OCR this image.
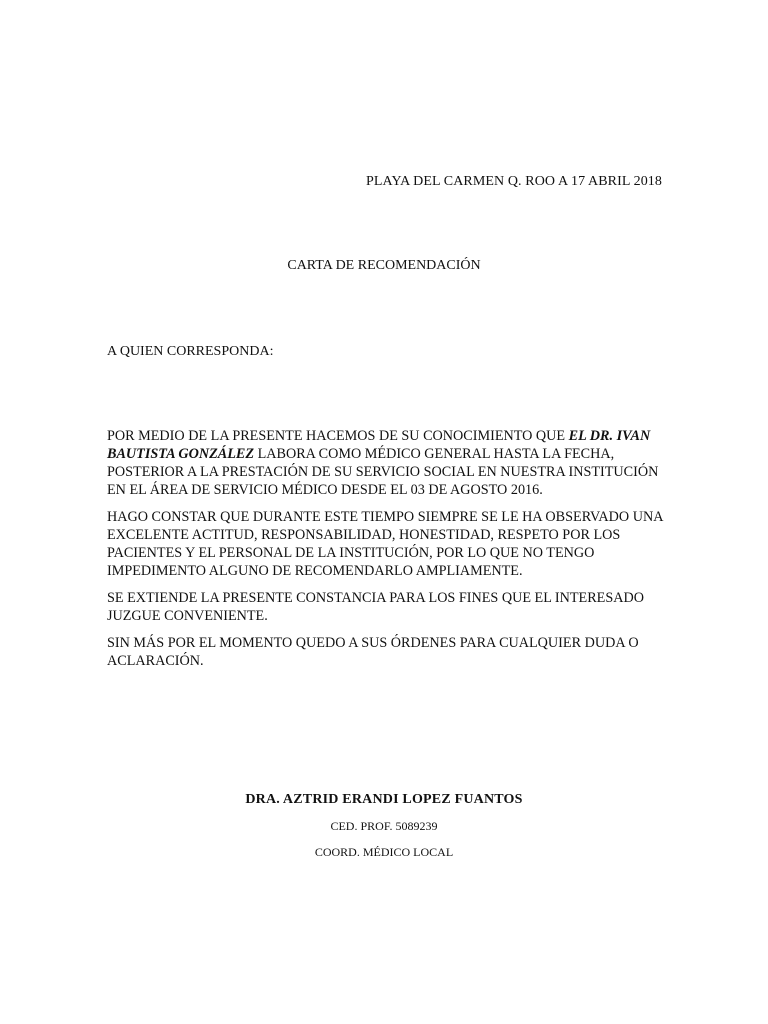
PLAYA DEL CARMEN Q. ROO A 17 ABRIL 2018
CARTA DE RECOMENDACIÓN
A QUIEN CORRESPONDA:

POR MEDIO DE LA PRESENTE HACEMOS DE SU CONOCIMIENTO QUE EL DR. IVAN BAUTISTA GONZÁLEZ LABORA COMO MÉDICO GENERAL HASTA LA FECHA, POSTERIOR A LA PRESTACIÓN DE SU SERVICIO SOCIAL EN NUESTRA INSTITUCIÓN EN EL ÁREA DE SERVICIO MÉDICO DESDE EL 03 DE AGOSTO 2016.

HAGO CONSTAR QUE DURANTE ESTE TIEMPO SIEMPRE SE LE HA OBSERVADO UNA EXCELENTE ACTITUD, RESPONSABILIDAD, HONESTIDAD, RESPETO POR LOS PACIENTES Y EL PERSONAL DE LA INSTITUCIÓN, POR LO QUE NO TENGO IMPEDIMENTO ALGUNO DE RECOMENDARLO AMPLIAMENTE.

SE EXTIENDE LA PRESENTE CONSTANCIA PARA LOS FINES QUE EL INTERESADO JUZGUE CONVENIENTE.

SIN MÁS POR EL MOMENTO QUEDO A SUS ÓRDENES PARA CUALQUIER DUDA O ACLARACIÓN.

DRA. AZTRID ERANDI LOPEZ FUANTOS

CED. PROF. 5089239

COORD. MÉDICO LOCAL
